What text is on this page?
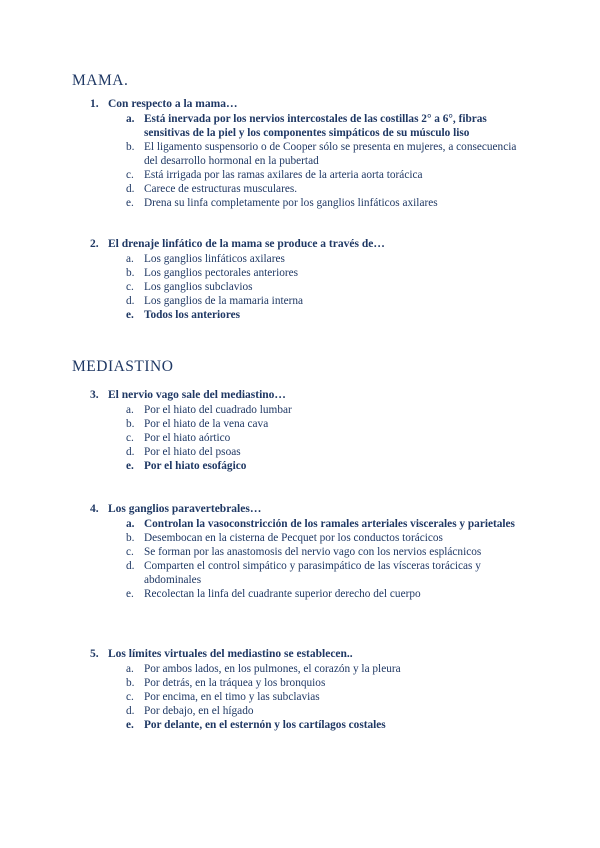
MAMA.
1. Con respecto a la mama…
a. Está inervada por los nervios intercostales de las costillas 2° a 6°, fibras sensitivas de la piel y los componentes simpáticos de su músculo liso
b. El ligamento suspensorio o de Cooper sólo se presenta en mujeres, a consecuencia del desarrollo hormonal en la pubertad
c. Está irrigada por las ramas axilares de la arteria aorta torácica
d. Carece de estructuras musculares.
e. Drena su linfa completamente por los ganglios linfáticos axilares
2. El drenaje linfático de la mama se produce a través de…
a. Los ganglios linfáticos axilares
b. Los ganglios pectorales anteriores
c. Los ganglios subclavios
d. Los ganglios de la mamaria interna
e. Todos los anteriores
MEDIASTINO
3. El nervio vago sale del mediastino…
a. Por el hiato del cuadrado lumbar
b. Por el hiato de la vena cava
c. Por el hiato aórtico
d. Por el hiato del psoas
e. Por el hiato esofágico
4. Los ganglios paravertebrales…
a. Controlan la vasoconstricción de los ramales arteriales viscerales y parietales
b. Desembocan en la cisterna de Pecquet por los conductos torácicos
c. Se forman por las anastomosis del nervio vago con los nervios esplácnicos
d. Comparten el control simpático y parasimpático de las vísceras torácicas y abdominales
e. Recolectan la linfa del cuadrante superior derecho del cuerpo
5. Los límites virtuales del mediastino se establecen..
a. Por ambos lados, en los pulmones, el corazón y la pleura
b. Por detrás, en la tráquea y los bronquios
c. Por encima, en el timo y las subclavias
d. Por debajo, en el hígado
e. Por delante, en el esternón y los cartílagos costales
